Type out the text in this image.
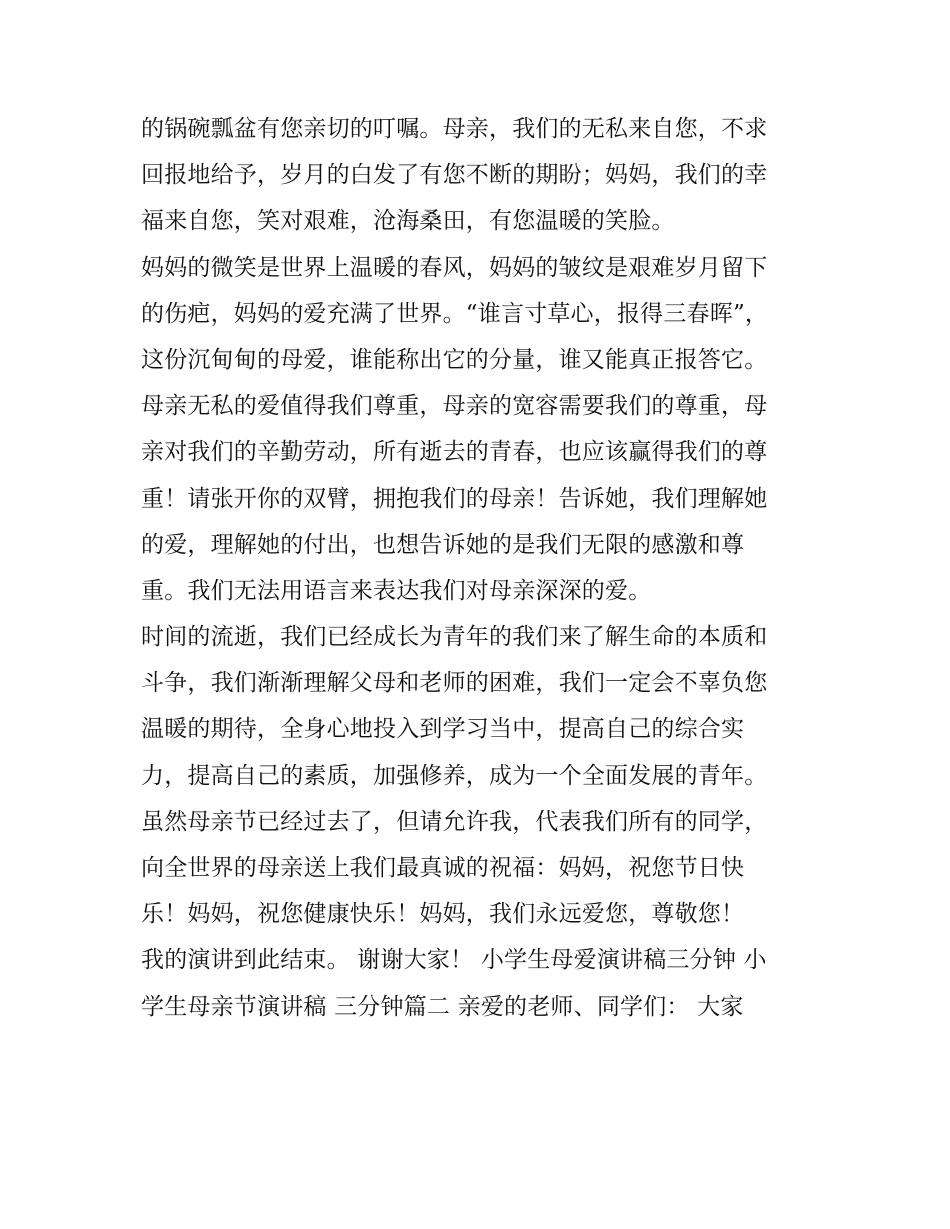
的锅碗瓢盆有您亲切的叮嘱。母亲，我们的无私来自您，不求
回报地给予，岁月的白发了有您不断的期盼；妈妈，我们的幸
福来自您，笑对艰难，沧海桑田，有您温暖的笑脸。
妈妈的微笑是世界上温暖的春风，妈妈的皱纹是艰难岁月留下
的伤疤，妈妈的爱充满了世界。“谁言寸草心，报得三春晖”，
这份沉甸甸的母爱，谁能称出它的分量，谁又能真正报答它。
母亲无私的爱值得我们尊重，母亲的宽容需要我们的尊重，母
亲对我们的辛勤劳动，所有逝去的青春，也应该赢得我们的尊
重！请张开你的双臂，拥抱我们的母亲！告诉她，我们理解她
的爱，理解她的付出，也想告诉她的是我们无限的感激和尊
重。我们无法用语言来表达我们对母亲深深的爱。
时间的流逝，我们已经成长为青年的我们来了解生命的本质和
斗争，我们渐渐理解父母和老师的困难，我们一定会不辜负您
温暖的期待，全身心地投入到学习当中，提高自己的综合实
力，提高自己的素质，加强修养，成为一个全面发展的青年。
虽然母亲节已经过去了，但请允许我，代表我们所有的同学，
向全世界的母亲送上我们最真诚的祝福：妈妈，祝您节日快
乐！妈妈，祝您健康快乐！妈妈，我们永远爱您，尊敬您！
我的演讲到此结束。 谢谢大家！ 小学生母爱演讲稿三分钟 小
学生母亲节演讲稿 三分钟篇二 亲爱的老师、同学们： 大家
